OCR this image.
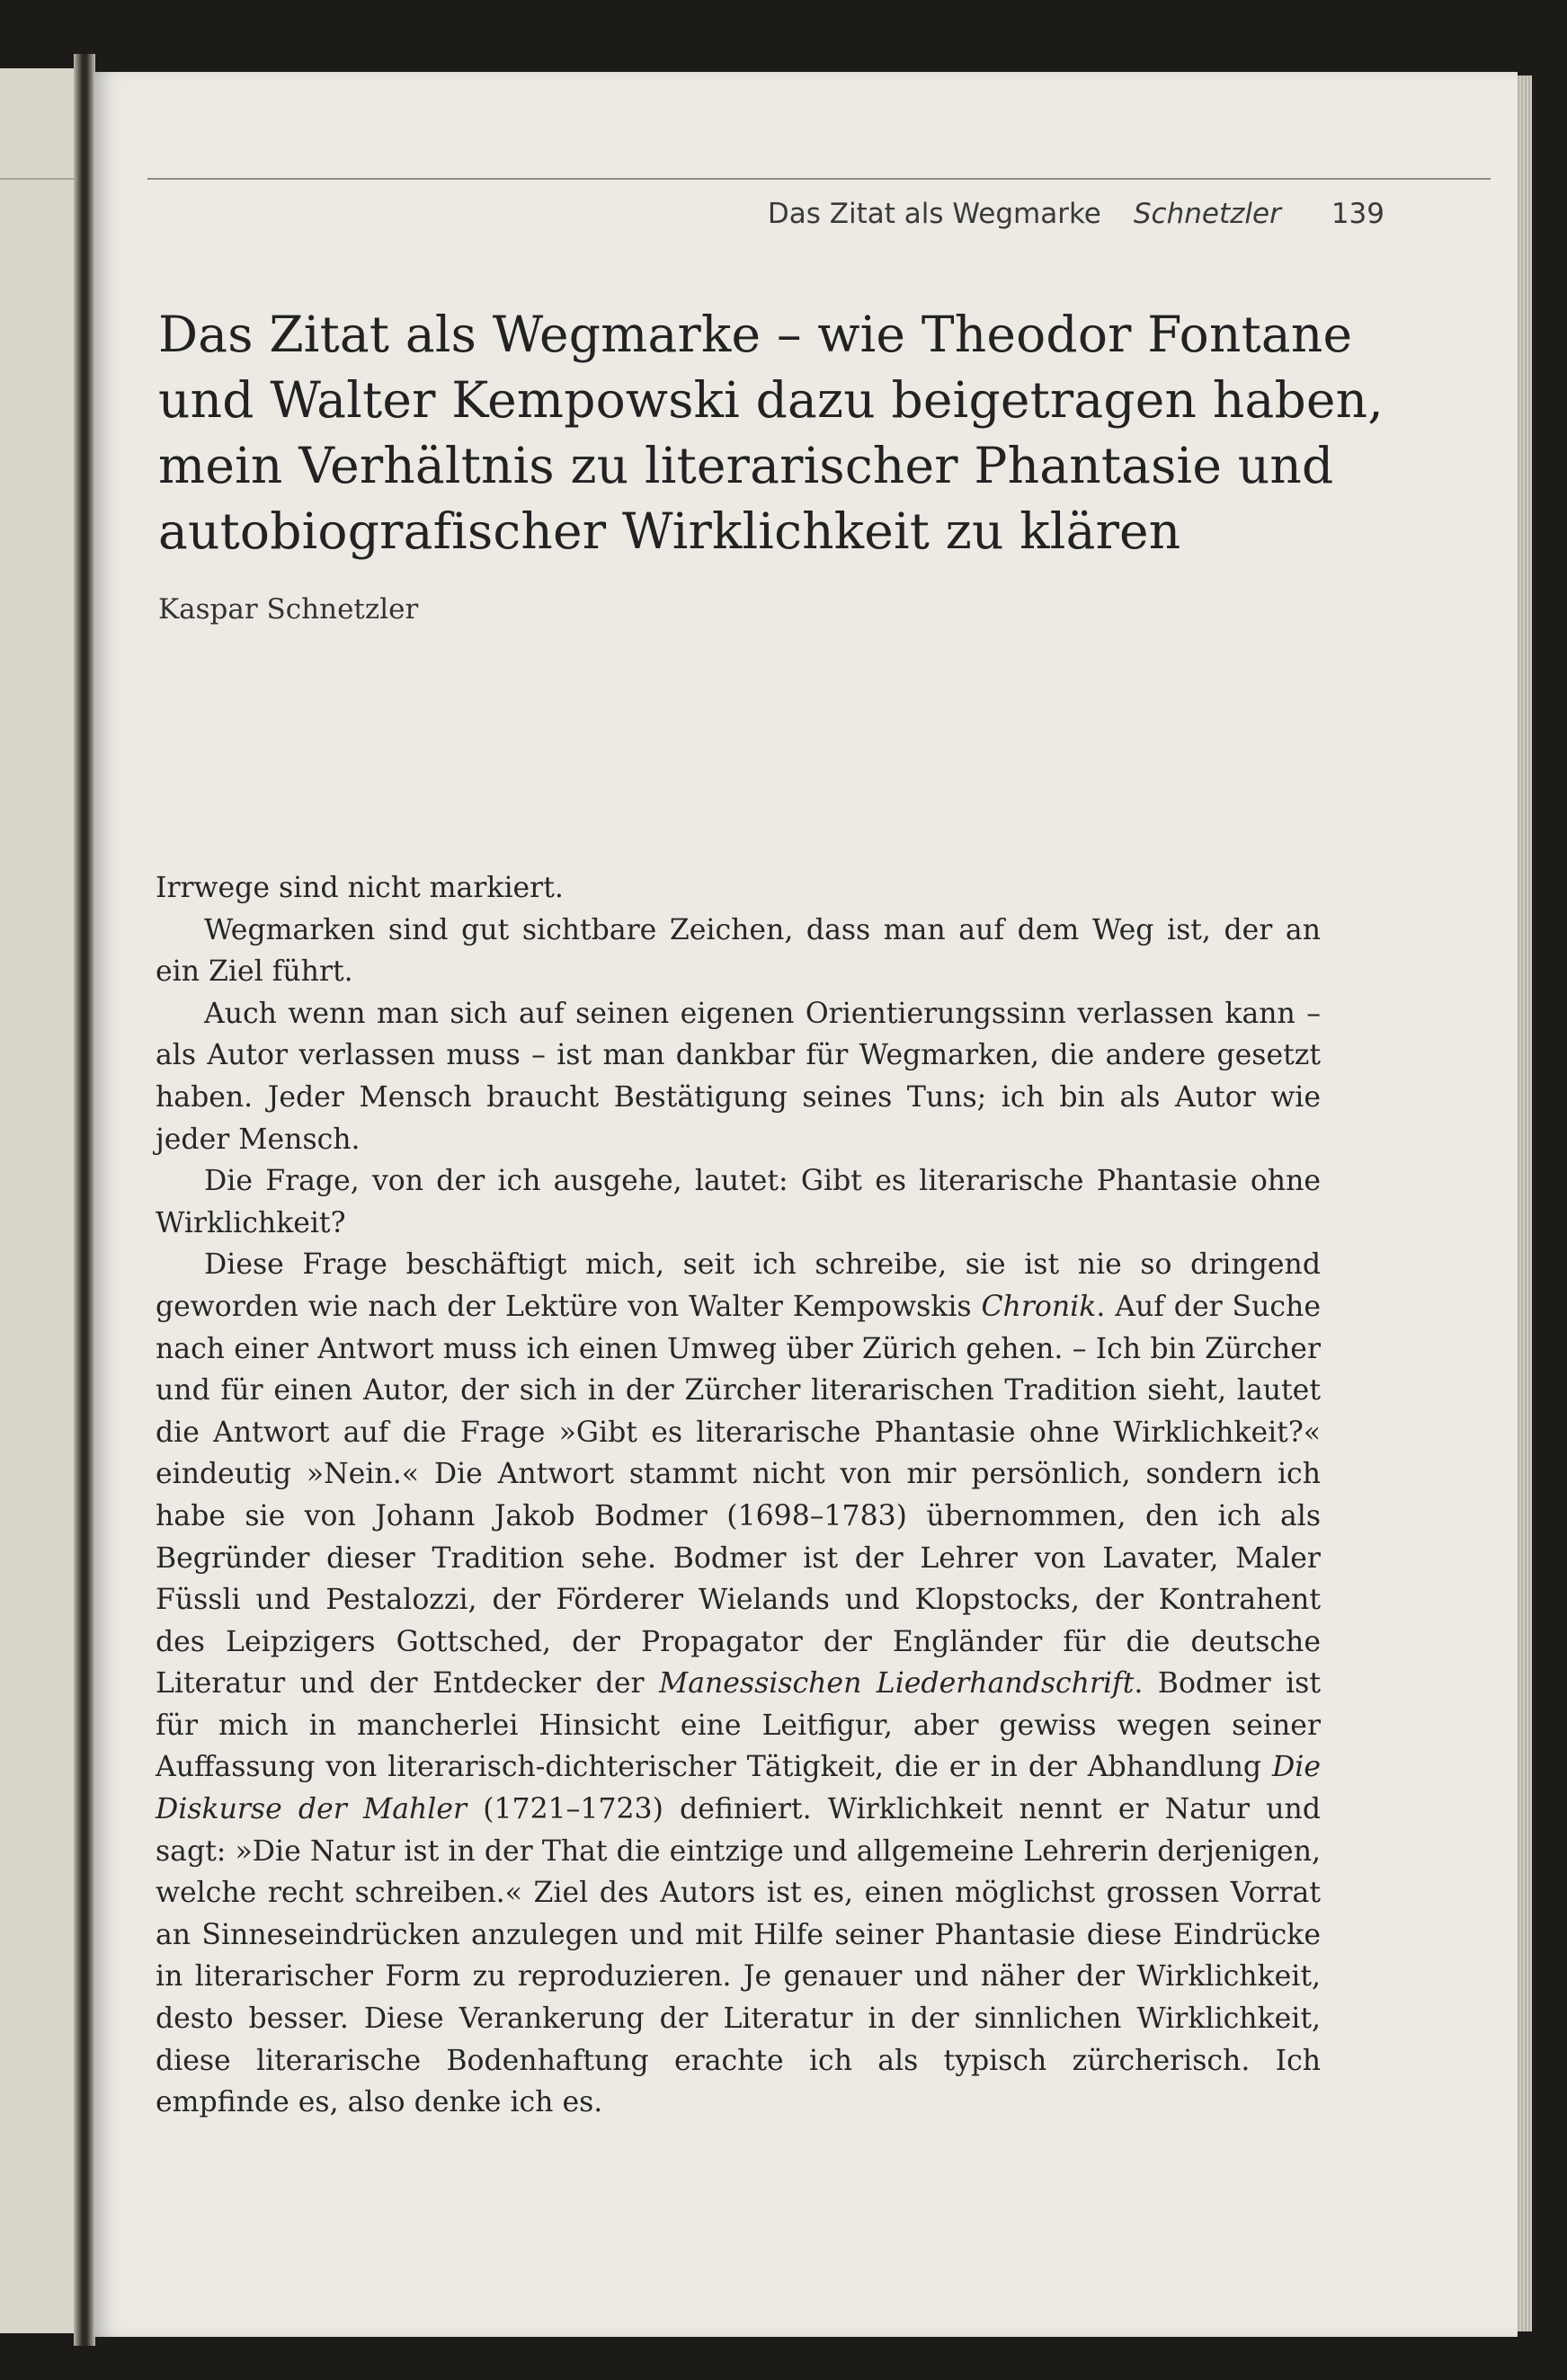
Das Zitat als Wegmarke Schnetzler 139
Das Zitat als Wegmarke – wie Theodor Fontane und Walter Kempowski dazu beigetragen haben, mein Verhältnis zu literarischer Phantasie und autobiografischer Wirklichkeit zu klären
Kaspar Schnetzler

Irrwege sind nicht markiert.

Wegmarken sind gut sichtbare Zeichen, dass man auf dem Weg ist, der an ein Ziel führt.

Auch wenn man sich auf seinen eigenen Orientierungssinn verlassen kann – als Autor verlassen muss – ist man dankbar für Wegmarken, die andere gesetzt haben. Jeder Mensch braucht Bestätigung seines Tuns; ich bin als Autor wie jeder Mensch.

Die Frage, von der ich ausgehe, lautet: Gibt es literarische Phantasie ohne Wirklichkeit?

Diese Frage beschäftigt mich, seit ich schreibe, sie ist nie so dringend geworden wie nach der Lektüre von Walter Kempowskis Chronik. Auf der Suche nach einer Antwort muss ich einen Umweg über Zürich gehen. – Ich bin Zürcher und für einen Autor, der sich in der Zürcher literarischen Tradition sieht, lautet die Antwort auf die Frage »Gibt es literarische Phantasie ohne Wirklichkeit?« eindeutig »Nein.« Die Antwort stammt nicht von mir persönlich, sondern ich habe sie von Johann Jakob Bodmer (1698–1783) übernommen, den ich als Begründer dieser Tradition sehe. Bodmer ist der Lehrer von Lavater, Maler Füssli und Pestalozzi, der Förderer Wielands und Klopstocks, der Kontrahent des Leipzigers Gottsched, der Propagator der Engländer für die deutsche Literatur und der Entdecker der Manessischen Liederhandschrift. Bodmer ist für mich in mancherlei Hinsicht eine Leitfigur, aber gewiss wegen seiner Auffassung von literarisch-dichterischer Tätigkeit, die er in der Abhandlung Die Diskurse der Mahler (1721–1723) definiert. Wirklichkeit nennt er Natur und sagt: »Die Natur ist in der That die eintzige und allgemeine Lehrerin derjenigen, welche recht schreiben.« Ziel des Autors ist es, einen möglichst grossen Vorrat an Sinneseindrücken anzulegen und mit Hilfe seiner Phantasie diese Eindrücke in literarischer Form zu reproduzieren. Je genauer und näher der Wirklichkeit, desto besser. Diese Verankerung der Literatur in der sinnlichen Wirklichkeit, diese literarische Bodenhaftung erachte ich als typisch zürcherisch. Ich empfinde es, also denke ich es.
